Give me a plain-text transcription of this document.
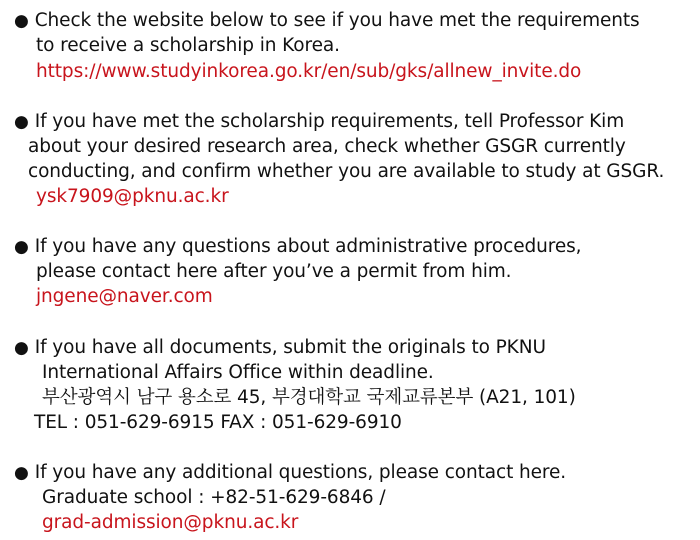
● Check the website below to see if you have met the requirements
to receive a scholarship in Korea.
https://www.studyinkorea.go.kr/en/sub/gks/allnew_invite.do
● If you have met the scholarship requirements, tell Professor Kim
about your desired research area, check whether GSGR currently
conducting, and confirm whether you are available to study at GSGR.
ysk7909@pknu.ac.kr
● If you have any questions about administrative procedures,
please contact here after you’ve a permit from him.
jngene@naver.com
● If you have all documents, submit the originals to PKNU
International Affairs Office within deadline.
부산광역시 남구 용소로 45, 부경대학교 국제교류본부 (A21, 101)
TEL : 051-629-6915 FAX : 051-629-6910
● If you have any additional questions, please contact here.
Graduate school : +82-51-629-6846 /
grad-admission@pknu.ac.kr
